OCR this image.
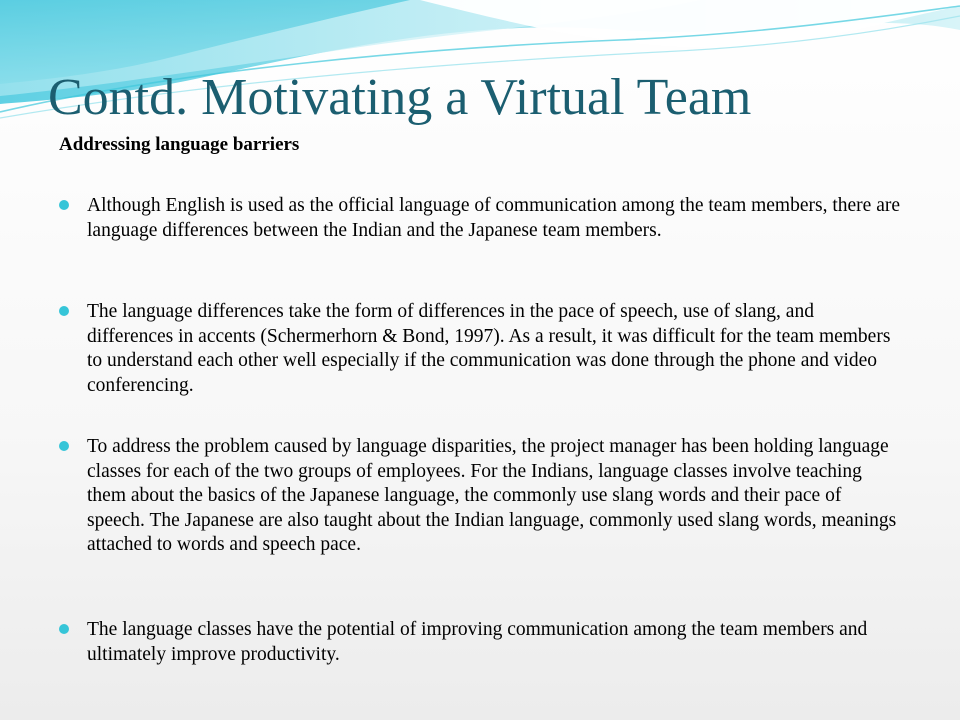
Contd. Motivating a Virtual Team
Addressing language barriers

Although English is used as the official language of communication among the team members, there are language differences between the Indian and the Japanese team members.

The language differences take the form of differences in the pace of speech, use of slang, and differences in accents (Schermerhorn & Bond, 1997). As a result, it was difficult for the team members to understand each other well especially if the communication was done through the phone and video conferencing.

To address the problem caused by language disparities, the project manager has been holding language classes for each of the two groups of employees. For the Indians, language classes involve teaching them about the basics of the Japanese language, the commonly use slang words and their pace of speech. The Japanese are also taught about the Indian language, commonly used slang words, meanings attached to words and speech pace.

The language classes have the potential of improving communication among the team members and ultimately improve productivity.
